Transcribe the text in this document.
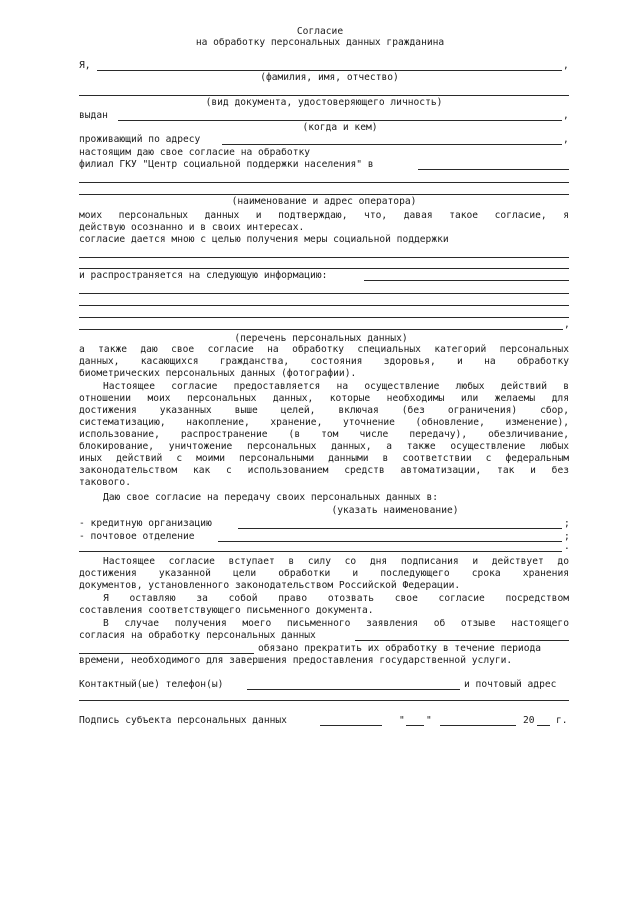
Согласие
на обработку персональных данных гражданина
Я,	,
(фамилия, имя, отчество)
(вид документа, удостоверяющего личность)
выдан	,
(когда и кем)
проживающий по адресу	,
настоящим даю свое согласие на обработку
филиал ГКУ "Центр социальной поддержки населения" в
(наименование и адрес оператора)
моих персональных данных и подтверждаю, что, давая такое согласие, я
действую осознанно и в своих интересах.
согласие дается мною с целью получения меры социальной поддержки
и распространяется на следующую информацию:
,
(перечень персональных данных)
а также даю свое согласие на обработку специальных категорий персональных
данных, касающихся гражданства, состояния здоровья, и на обработку
биометрических персональных данных (фотографии).
Настоящее согласие предоставляется на осуществление любых действий в
отношении моих персональных данных, которые необходимы или желаемы для
достижения указанных выше целей, включая (без ограничения) сбор,
систематизацию, накопление, хранение, уточнение (обновление, изменение),
использование, распространение (в том числе передачу), обезличивание,
блокирование, уничтожение персональных данных, а также осуществление любых
иных действий с моими персональными данными в соответствии с федеральным
законодательством как с использованием средств автоматизации, так и без
такового.
Даю свое согласие на передачу своих персональных данных в:
(указать наименование)
- кредитную организацию	;
- почтовое отделение	;
.
Настоящее согласие вступает в силу со дня подписания и действует до
достижения указанной цели обработки и последующего срока хранения
документов, установленного законодательством Российской Федерации.
Я оставляю за собой право отозвать свое согласие посредством
составления соответствующего письменного документа.
В случае получения моего письменного заявления об отзыве настоящего
согласия на обработку персональных данных
обязано прекратить их обработку в течение периода
времени, необходимого для завершения предоставления государственной услуги.
Контактный(ые) телефон(ы)	и почтовый адрес
Подпись субъекта персональных данных	" "	20 г.
